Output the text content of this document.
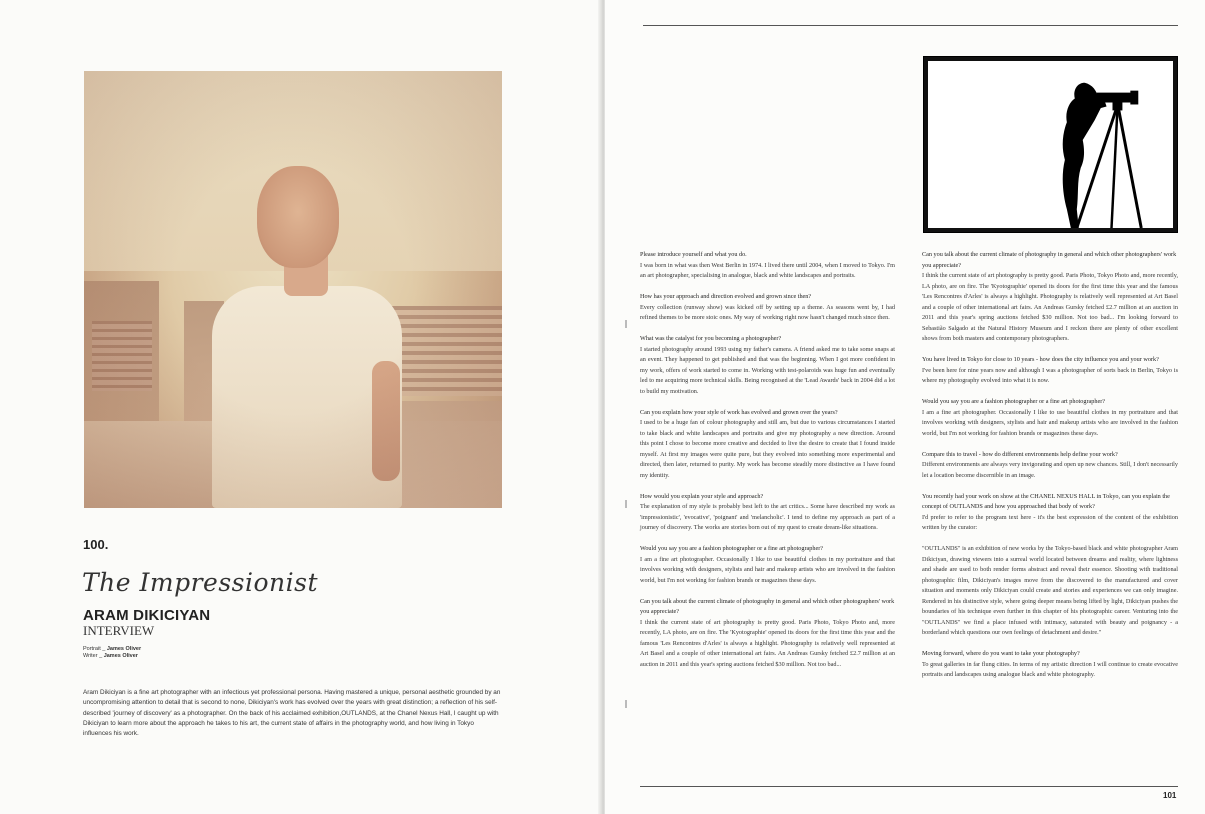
100.
The Impressionist
ARAM DIKICIYAN
INTERVIEW
Portrait _ James Oliver
Writer _ James Oliver

Aram Dikiciyan is a fine art photographer with an infectious yet professional persona. Having mastered a unique, personal aesthetic grounded by an uncompromising attention to detail that is second to none, Dikiciyan's work has evolved over the years with great distinction; a reflection of his self-described 'journey of discovery' as a photographer. On the back of his acclaimed exhibition,OUTLANDS, at the Chanel Nexus Hall, I caught up with Dikiciyan to learn more about the approach he takes to his art, the current state of affairs in the photography world, and how living in Tokyo influences his work.

Please introduce yourself and what you do.
I was born in what was then West Berlin in 1974. I lived there until 2004, when I moved to Tokyo. I'm an art photographer, specialising in analogue, black and white landscapes and portraits.
How has your approach and direction evolved and grown since then?
Every collection (runway show) was kicked off by setting up a theme. As seasons went by, I had refined themes to be more stoic ones. My way of working right now hasn't changed much since then.
What was the catalyst for you becoming a photographer?
I started photography around 1993 using my father's camera. A friend asked me to take some snaps at an event. They happened to get published and that was the beginning. When I got more confident in my work, offers of work started to come in. Working with test-polaroids was huge fun and eventually led to me acquiring more technical skills. Being recognised at the 'Lead Awards' back in 2004 did a lot to build my motivation.
Can you explain how your style of work has evolved and grown over the years?
I used to be a huge fan of colour photography and still am, but due to various circumstances I started to take black and white landscapes and portraits and give my photography a new direction. Around this point I chose to become more creative and decided to live the desire to create that I found inside myself. At first my images were quite pure, but they evolved into something more experimental and directed, then later, returned to purity. My work has become steadily more distinctive as I have found my identity.
How would you explain your style and approach?
The explanation of my style is probably best left to the art critics... Some have described my work as 'impressionistic', 'evocative', 'poignant' and 'melancholic'. I tend to define my approach as part of a journey of discovery. The works are stories born out of my quest to create dream-like situations.
Would you say you are a fashion photographer or a fine art photographer?
I am a fine art photographer. Occasionally I like to use beautiful clothes in my portraiture and that involves working with designers, stylists and hair and makeup artists who are involved in the fashion world, but I'm not working for fashion brands or magazines these days.
Can you talk about the current climate of photography in general and which other photographers' work you appreciate?
I think the current state of art photography is pretty good. Paris Photo, Tokyo Photo and, more recently, LA photo, are on fire. The 'Kyotographie' opened its doors for the first time this year and the famous 'Les Rencontres d'Arles' is always a highlight. Photography is relatively well represented at Art Basel and a couple of other international art fairs. An Andreas Gursky fetched £2.7 million at an auction in 2011 and this year's spring auctions fetched $30 million. Not too bad...
Can you talk about the current climate of photography in general and which other photographers' work you appreciate?
I think the current state of art photography is pretty good. Paris Photo, Tokyo Photo and, more recently, LA photo, are on fire. The 'Kyotographie' opened its doors for the first time this year and the famous 'Les Rencontres d'Arles' is always a highlight. Photography is relatively well represented at Art Basel and a couple of other international art fairs. An Andreas Gursky fetched £2.7 million at an auction in 2011 and this year's spring auctions fetched $30 million. Not too bad... I'm looking forward to Sebastião Salgado at the Natural History Museum and I reckon there are plenty of other excellent shows from both masters and contemporary photographers.
You have lived in Tokyo for close to 10 years - how does the city influence you and your work?
I've been here for nine years now and although I was a photographer of sorts back in Berlin, Tokyo is where my photography evolved into what it is now.
Would you say you are a fashion photographer or a fine art photographer?
I am a fine art photographer. Occasionally I like to use beautiful clothes in my portraiture and that involves working with designers, stylists and hair and makeup artists who are involved in the fashion world, but I'm not working for fashion brands or magazines these days.
Compare this to travel - how do different environments help define your work?
Different environments are always very invigorating and open up new chances. Still, I don't necessarily let a location become discernible in an image.
You recently had your work on show at the CHANEL NEXUS HALL in Tokyo, can you explain the concept of OUTLANDS and how you approached that body of work?
I'd prefer to refer to the program text here - it's the best expression of the content of the exhibition written by the curator:
"OUTLANDS" is an exhibition of new works by the Tokyo-based black and white photographer Aram Dikiciyan, drawing viewers into a surreal world located between dreams and reality, where lightness and shade are used to both render forms abstract and reveal their essence. Shooting with traditional photographic film, Dikiciyan's images move from the discovered to the manufactured and cover situation and moments only Dikiciyan could create and stories and experiences we can only imagine. Rendered in his distinctive style, where going deeper means being lifted by light, Dikiciyan pushes the boundaries of his technique even further in this chapter of his photographic career. Venturing into the "OUTLANDS" we find a place infused with intimacy, saturated with beauty and poignancy - a borderland which questions our own feelings of detachment and desire."
Moving forward, where do you want to take your photography?
To great galleries in far flung cities. In terms of my artistic direction I will continue to create evocative portraits and landscapes using analogue black and white photography.
101
